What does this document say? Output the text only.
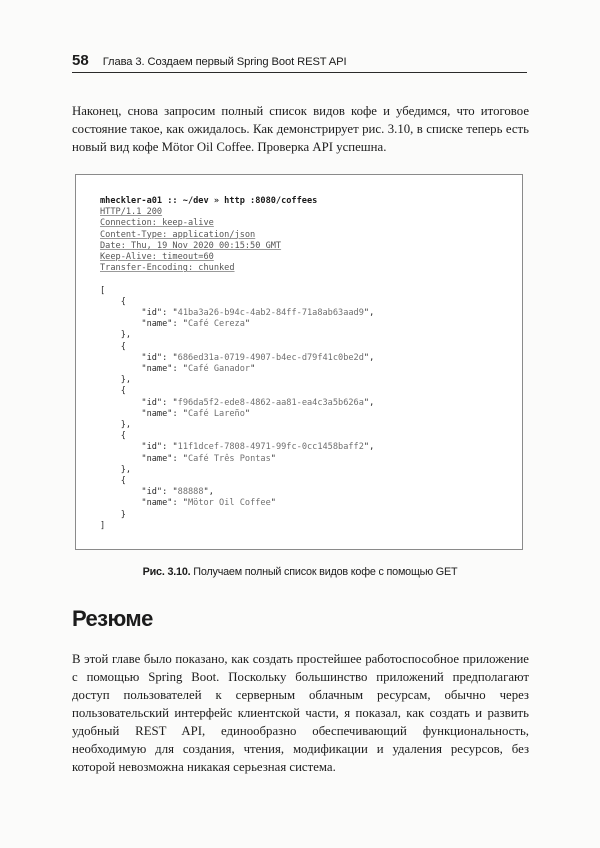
58 Глава 3. Создаем первый Spring Boot REST API

Наконец, снова запросим полный список видов кофе и убедимся, что итоговое состояние такое, как ожидалось. Как демонстрирует рис. 3.10, в списке теперь есть новый вид кофе Mötor Oil Coffee. Проверка API успешна.

mheckler-a01 :: ~/dev » http :8080/coffees
HTTP/1.1 200
Connection: keep-alive
Content-Type: application/json
Date: Thu, 19 Nov 2020 00:15:50 GMT
Keep-Alive: timeout=60
Transfer-Encoding: chunked

[
{
"id": "41ba3a26-b94c-4ab2-84ff-71a8ab63aad9",
"name": "Café Cereza"
},
{
"id": "686ed31a-0719-4907-b4ec-d79f41c0be2d",
"name": "Café Ganador"
},
{
"id": "f96da5f2-ede8-4862-aa81-ea4c3a5b626a",
"name": "Café Lareño"
},
{
"id": "11f1dcef-7808-4971-99fc-0cc1458baff2",
"name": "Café Três Pontas"
},
{
"id": "88888",
"name": "Mötor Oil Coffee"
}
]
Рис. 3.10. Получаем полный список видов кофе с помощью GET
Резюме

В этой главе было показано, как создать простейшее работоспособное приложение с помощью Spring Boot. Поскольку большинство приложений предполагают доступ пользователей к серверным облачным ресурсам, обычно через пользовательский интерфейс клиентской части, я показал, как создать и развить удобный REST API, единообразно обеспечивающий функциональность, необходимую для создания, чтения, модификации и удаления ресурсов, без которой невозможна никакая серьезная система.
